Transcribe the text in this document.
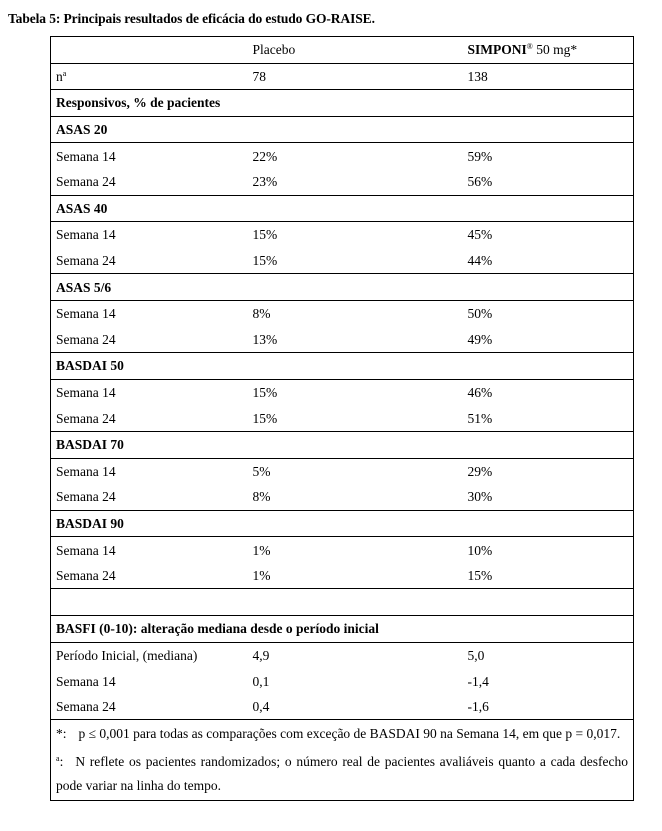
Tabela 5: Principais resultados de eficácia do estudo GO-RAISE.
	Placebo	SIMPONI® 50 mg*
$n^a$	78	138
Responsivos, % de pacientes		
ASAS 20		
Semana 14	22%	59%
Semana 24	23%	56%
ASAS 40		
Semana 14	15%	45%
Semana 24	15%	44%
ASAS 5/6		
Semana 14	8%	50%
Semana 24	13%	49%
BASDAI 50		
Semana 14	15%	46%
Semana 24	15%	51%
BASDAI 70		
Semana 14	5%	29%
Semana 24	8%	30%
BASDAI 90		
Semana 14	1%	10%
Semana 24	1%	15%

BASFI (0-10): alteração mediana desde o período inicial		
Período Inicial, (mediana)	4,9	5,0
Semana 14	0,1	-1,4
Semana 24	0,4	-1,6
*: p ≤ 0,001 para todas as comparações com exceção de BASDAI 90 na Semana 14, em que p = 0,017.		
$^a$: N reflete os pacientes randomizados; o número real de pacientes avaliáveis quanto a cada desfecho pode variar na linha do tempo.		
